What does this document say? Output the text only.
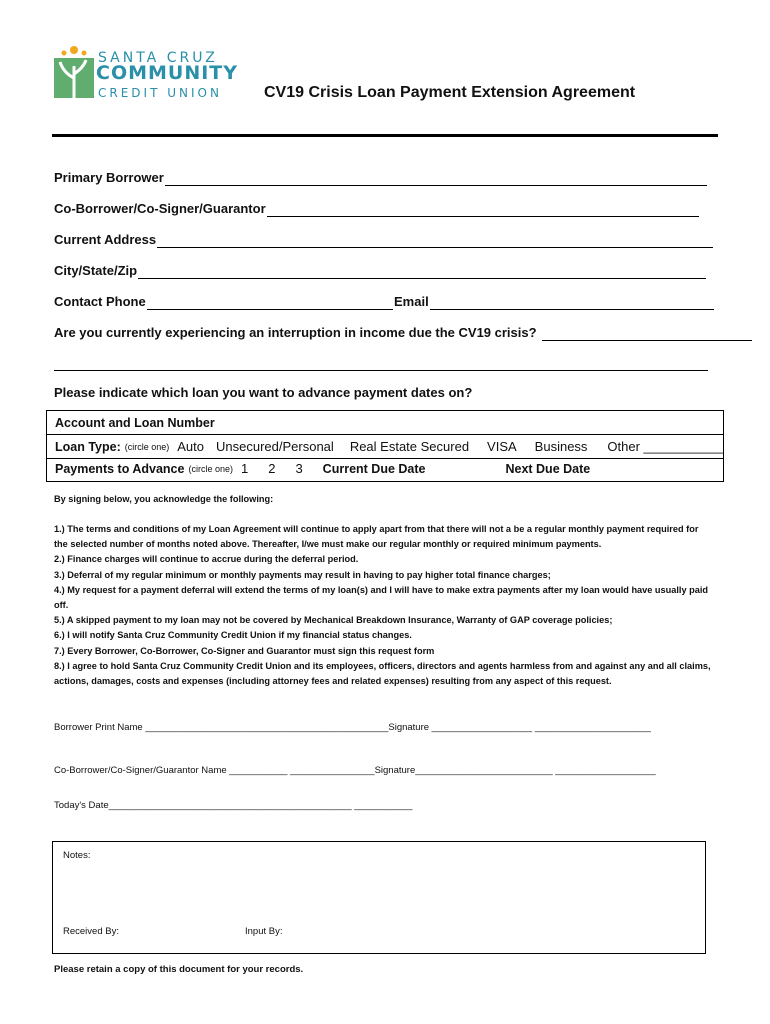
SANTA CRUZ
COMMUNITY
CREDIT UNION	CV19 Crisis Loan Payment Extension Agreement
Primary Borrower
Co-Borrower/Co-Signer/Guarantor
Current Address
City/State/Zip
Contact Phone	Email
Are you currently experiencing an interruption in income due the CV19 crisis?
Please indicate which loan you want to advance payment dates on?
Account and Loan Number
Loan Type: (circle one) Auto Unsecured/Personal Real Estate Secured VISA Business Other ___________
Payments to Advance (circle one) 1 2 3 Current Due Date	Next Due Date
By signing below, you acknowledge the following:
1.) The terms and conditions of my Loan Agreement will continue to apply apart from that there will not a be a regular monthly payment required for the selected number of months noted above. Thereafter, I/we must make our regular monthly or required minimum payments.
2.) Finance charges will continue to accrue during the deferral period.
3.) Deferral of my regular minimum or monthly payments may result in having to pay higher total finance charges;
4.) My request for a payment deferral will extend the terms of my loan(s) and I will have to make extra payments after my loan would have usually paid off.
5.) A skipped payment to my loan may not be covered by Mechanical Breakdown Insurance, Warranty of GAP coverage policies;
6.) I will notify Santa Cruz Community Credit Union if my financial status changes.
7.) Every Borrower, Co-Borrower, Co-Signer and Guarantor must sign this request form
8.) I agree to hold Santa Cruz Community Credit Union and its employees, officers, directors and agents harmless from and against any and all claims, actions, damages, costs and expenses (including attorney fees and related expenses) resulting from any aspect of this request.
Borrower Print Name ______________________________________________Signature ___________________ ______________________
Co-Borrower/Co-Signer/Guarantor Name ___________ ________________Signature__________________________ ___________________
Today's Date______________________________________________ ___________
Notes:
Received By:	Input By:
Please retain a copy of this document for your records.
